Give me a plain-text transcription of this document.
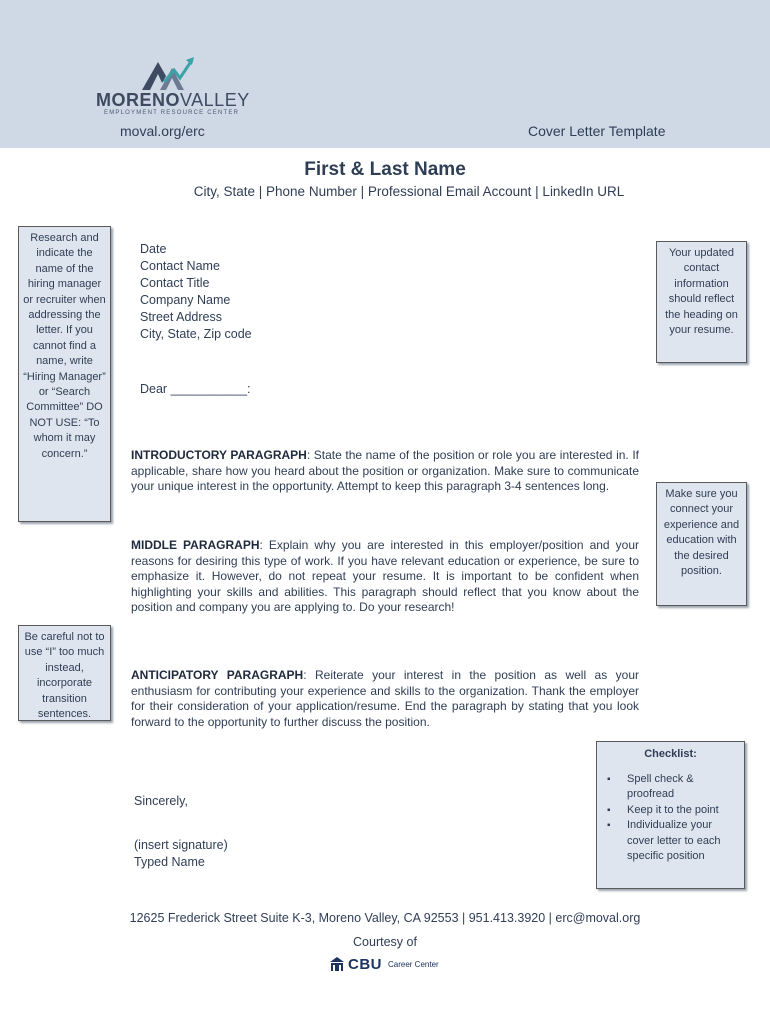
MORENOVALLEY
EMPLOYMENT RESOURCE CENTER
moval.org/erc	Cover Letter Template
First & Last Name
City, State | Phone Number | Professional Email Account | LinkedIn URL
Research and indicate the name of the hiring manager or recruiter when addressing the letter. If you cannot find a name, write “Hiring Manager” or “Search Committee” DO NOT USE: “To whom it may concern.”
Your updated contact information should reflect the heading on your resume.
Make sure you connect your experience and education with the desired position.
Be careful not to use “I” too much instead, incorporate transition sentences.
Date
Contact Name
Contact Title
Company Name
Street Address
City, State, Zip code
Dear ___________:
INTRODUCTORY PARAGRAPH: State the name of the position or role you are interested in. If applicable, share how you heard about the position or organization. Make sure to communicate your unique interest in the opportunity. Attempt to keep this paragraph 3-4 sentences long.
MIDDLE PARAGRAPH: Explain why you are interested in this employer/position and your reasons for desiring this type of work. If you have relevant education or experience, be sure to emphasize it. However, do not repeat your resume. It is important to be confident when highlighting your skills and abilities. This paragraph should reflect that you know about the position and company you are applying to. Do your research!
ANTICIPATORY PARAGRAPH: Reiterate your interest in the position as well as your enthusiasm for contributing your experience and skills to the organization. Thank the employer for their consideration of your application/resume. End the paragraph by stating that you look forward to the opportunity to further discuss the position.
Checklist:
▪ Spell check & proofread
▪ Keep it to the point
▪ Individualize your cover letter to each specific position
Sincerely,
(insert signature)
Typed Name
12625 Frederick Street Suite K-3, Moreno Valley, CA 92553 | 951.413.3920 | erc@moval.org
Courtesy of
CBU Career Center
